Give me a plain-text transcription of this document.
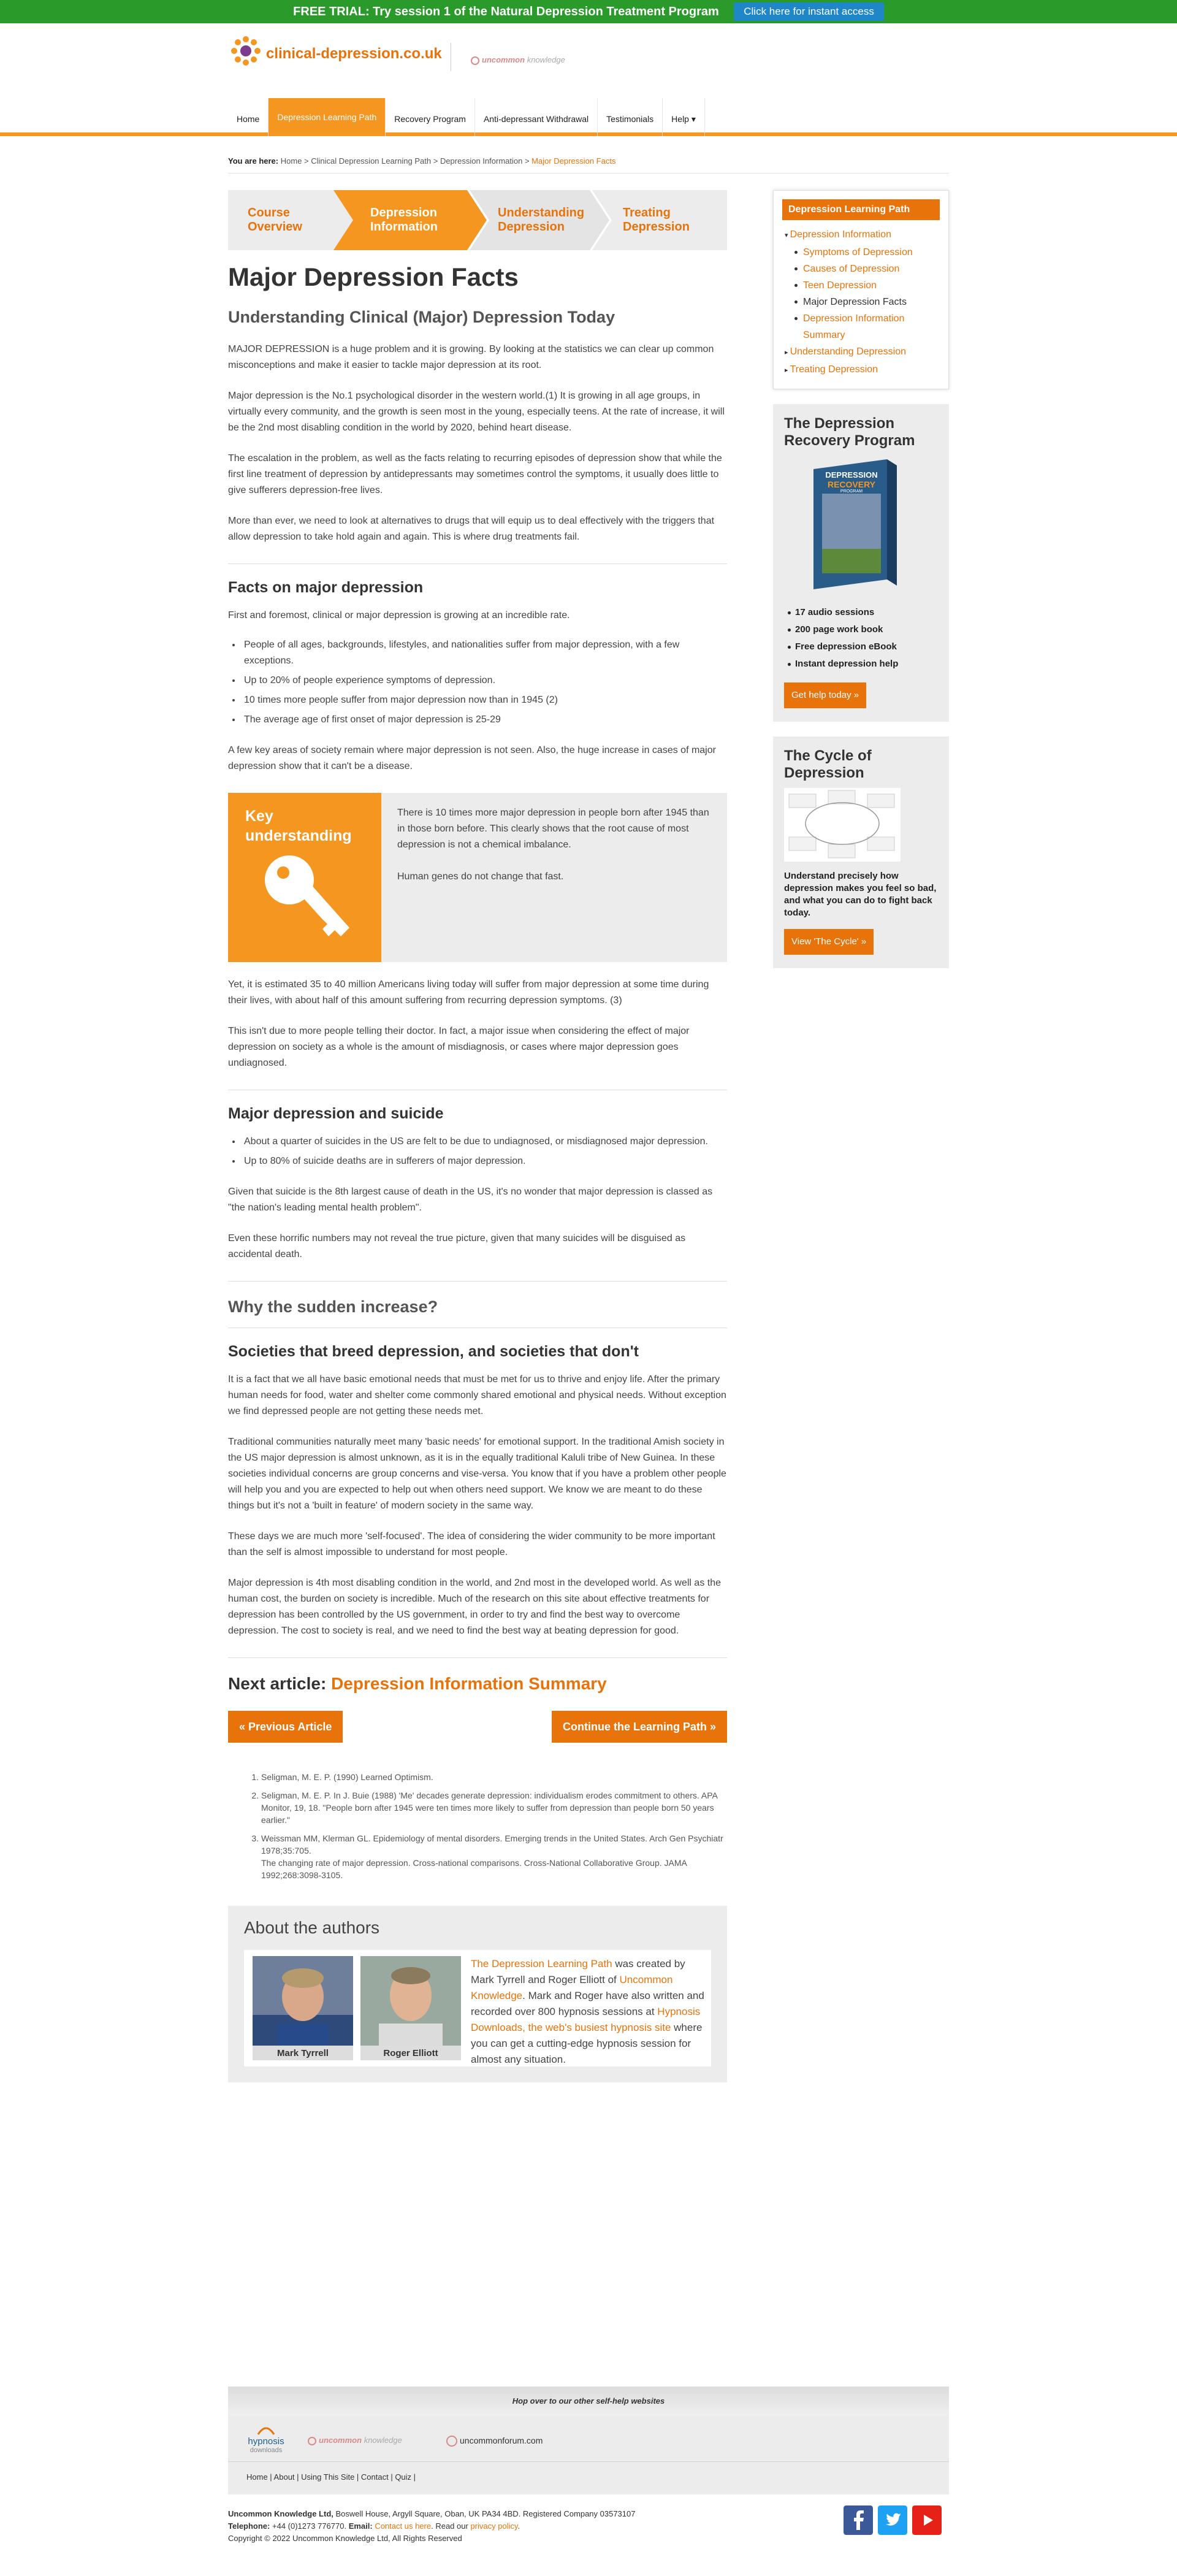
FREE TRIAL: Try session 1 of the Natural Depression Treatment Program Click here for instant access
clinical-depression.co.uk	uncommon knowledge
Home	Depression Learning Path	Recovery Program	Anti-depressant Withdrawal	Testimonials	Help ▾
You are here: Home > Clinical Depression Learning Path > Depression Information > Major Depression Facts
Course
Overview
Depression
Information
Understanding
Depression
Treating
Depression
Major Depression Facts
Understanding Clinical (Major) Depression Today

MAJOR DEPRESSION is a huge problem and it is growing. By looking at the statistics we can clear up common misconceptions and make it easier to tackle major depression at its root.

Major depression is the No.1 psychological disorder in the western world.(1) It is growing in all age groups, in virtually every community, and the growth is seen most in the young, especially teens. At the rate of increase, it will be the 2nd most disabling condition in the world by 2020, behind heart disease.

The escalation in the problem, as well as the facts relating to recurring episodes of depression show that while the first line treatment of depression by antidepressants may sometimes control the symptoms, it usually does little to give sufferers depression-free lives.

More than ever, we need to look at alternatives to drugs that will equip us to deal effectively with the triggers that allow depression to take hold again and again. This is where drug treatments fail.

Facts on major depression

First and foremost, clinical or major depression is growing at an incredible rate.

• People of all ages, backgrounds, lifestyles, and nationalities suffer from major depression, with a few exceptions.
• Up to 20% of people experience symptoms of depression.
• 10 times more people suffer from major depression now than in 1945 (2)
• The average age of first onset of major depression is 25-29

A few key areas of society remain where major depression is not seen. Also, the huge increase in cases of major depression show that it can't be a disease.

Key
understanding

There is 10 times more major depression in people born after 1945 than in those born before. This clearly shows that the root cause of most depression is not a chemical imbalance.

Human genes do not change that fast.

Yet, it is estimated 35 to 40 million Americans living today will suffer from major depression at some time during their lives, with about half of this amount suffering from recurring depression symptoms. (3)

This isn't due to more people telling their doctor. In fact, a major issue when considering the effect of major depression on society as a whole is the amount of misdiagnosis, or cases where major depression goes undiagnosed.

Major depression and suicide
• About a quarter of suicides in the US are felt to be due to undiagnosed, or misdiagnosed major depression.
• Up to 80% of suicide deaths are in sufferers of major depression.

Given that suicide is the 8th largest cause of death in the US, it's no wonder that major depression is classed as "the nation's leading mental health problem".

Even these horrific numbers may not reveal the true picture, given that many suicides will be disguised as accidental death.

Why the sudden increase?
Societies that breed depression, and societies that don't

It is a fact that we all have basic emotional needs that must be met for us to thrive and enjoy life. After the primary human needs for food, water and shelter come commonly shared emotional and physical needs. Without exception we find depressed people are not getting these needs met.

Traditional communities naturally meet many 'basic needs' for emotional support. In the traditional Amish society in the US major depression is almost unknown, as it is in the equally traditional Kaluli tribe of New Guinea. In these societies individual concerns are group concerns and vise-versa. You know that if you have a problem other people will help you and you are expected to help out when others need support. We know we are meant to do these things but it's not a 'built in feature' of modern society in the same way.

These days we are much more 'self-focused'. The idea of considering the wider community to be more important than the self is almost impossible to understand for most people.

Major depression is 4th most disabling condition in the world, and 2nd most in the developed world. As well as the human cost, the burden on society is incredible. Much of the research on this site about effective treatments for depression has been controlled by the US government, in order to try and find the best way to overcome depression. The cost to society is real, and we need to find the best way at beating depression for good.

Next article: Depression Information Summary
« Previous Article	Continue the Learning Path »
1. Seligman, M. E. P. (1990) Learned Optimism.
2. Seligman, M. E. P. In J. Buie (1988) 'Me' decades generate depression: individualism erodes commitment to others. APA Monitor, 19, 18. "People born after 1945 were ten times more likely to suffer from depression than people born 50 years earlier."
3. Weissman MM, Klerman GL. Epidemiology of mental disorders. Emerging trends in the United States. Arch Gen Psychiatr 1978;35:705.
The changing rate of major depression. Cross-national comparisons. Cross-National Collaborative Group. JAMA 1992;268:3098-3105.
About the authors
Mark Tyrrell	Roger Elliott
The Depression Learning Path was created by Mark Tyrrell and Roger Elliott of Uncommon Knowledge. Mark and Roger have also written and recorded over 800 hypnosis sessions at Hypnosis Downloads, the web's busiest hypnosis site where you can get a cutting-edge hypnosis session for almost any situation.
Depression Learning Path
▾ Depression Information
Symptoms of Depression
Causes of Depression
Teen Depression
Major Depression Facts
Depression Information Summary
▸ Understanding Depression
▸ Treating Depression
The Depression Recovery Program
DEPRESSION
RECOVERY
PROGRAM
17 audio sessions
200 page work book
Free depression eBook
Instant depression help
Get help today »
The Cycle of Depression

Understand precisely how depression makes you feel so bad, and what you can do to fight back today.

View 'The Cycle' »
Hop over to our other self-help websites
hypnosis
downloads
uncommon knowledge	uncommonforum.com
Home | About | Using This Site | Contact | Quiz |
Uncommon Knowledge Ltd, Boswell House, Argyll Square, Oban, UK PA34 4BD. Registered Company 03573107
Telephone: +44 (0)1273 776770. Email: Contact us here. Read our privacy policy.
Copyright © 2022 Uncommon Knowledge Ltd, All Rights Reserved
